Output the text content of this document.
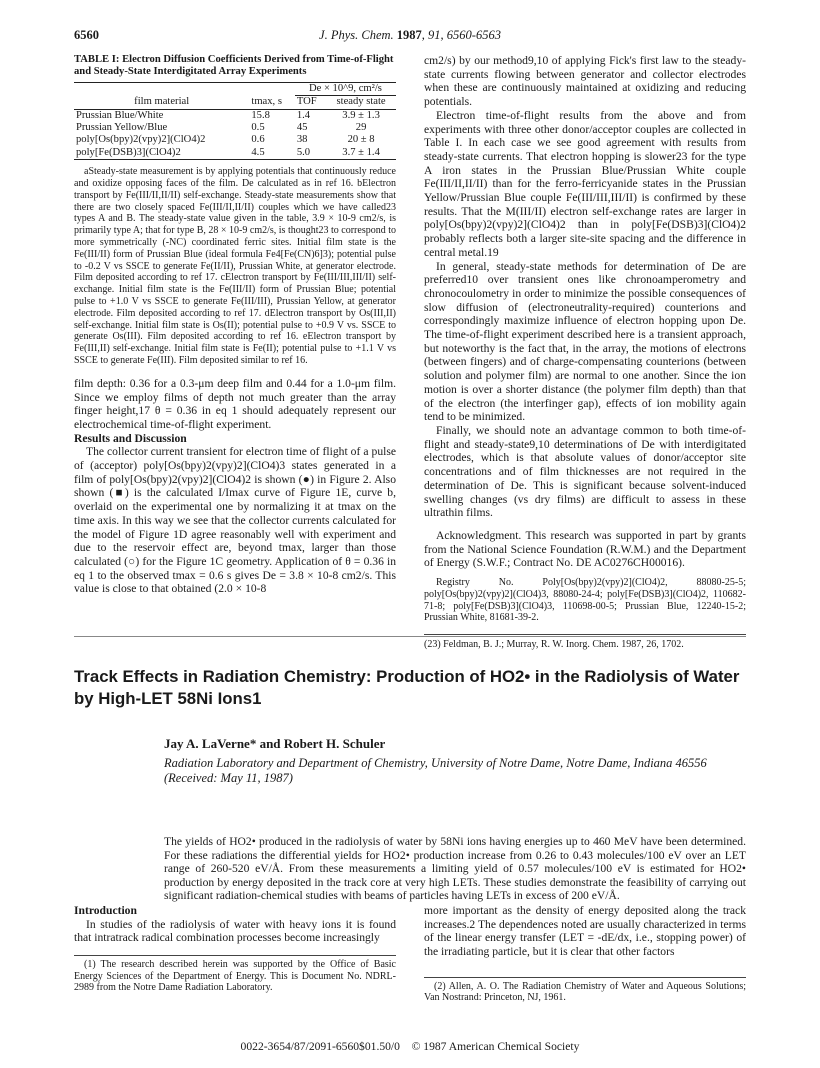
6560	J. Phys. Chem. 1987, 91, 6560-6563
TABLE I: Electron Diffusion Coefficients Derived from Time-of-Flight and Steady-State Interdigitated Array Experiments
		De × 10^9, cm²/s	
film material	tmax, s	TOF	steady state
Prussian Blue/White	15.8	1.4	3.9 ± 1.3
Prussian Yellow/Blue	0.5	45	29
poly[Os(bpy)2(vpy)2](ClO4)2	0.6	38	20 ± 8
poly[Fe(DSB)3](ClO4)2	4.5	5.0	3.7 ± 1.4

aSteady-state measurement is by applying potentials that continuously reduce and oxidize opposing faces of the film. De calculated as in ref 16. bElectron transport by Fe(III/II,II/II) self-exchange. Steady-state measurements show that there are two closely spaced Fe(III/II,II/II) couples which we have called23 types A and B. The steady-state value given in the table, 3.9 × 10-9 cm2/s, is primarily type A; that for type B, 28 × 10-9 cm2/s, is thought23 to correspond to more symmetrically (-NC) coordinated ferric sites. Initial film state is the Fe(III/II) form of Prussian Blue (ideal formula Fe4[Fe(CN)6]3); potential pulse to -0.2 V vs SSCE to generate Fe(II/II), Prussian White, at generator electrode. Film deposited according to ref 17. cElectron transport by Fe(III/III,III/II) self-exchange. Initial film state is the Fe(III/II) form of Prussian Blue; potential pulse to +1.0 V vs SSCE to generate Fe(III/III), Prussian Yellow, at generator electrode. Film deposited according to ref 17. dElectron transport by Os(III,II) self-exchange. Initial film state is Os(II); potential pulse to +0.9 V vs. SSCE to generate Os(III). Film deposited according to ref 16. eElectron transport by Fe(III,II) self-exchange. Initial film state is Fe(II); potential pulse to +1.1 V vs SSCE to generate Fe(III). Film deposited similar to ref 16.

film depth: 0.36 for a 0.3-μm deep film and 0.44 for a 1.0-μm film. Since we employ films of depth not much greater than the array finger height,17 θ = 0.36 in eq 1 should adequately represent our electrochemical time-of-flight experiment.

Results and Discussion

The collector current transient for electron time of flight of a pulse of (acceptor) poly[Os(bpy)2(vpy)2](ClO4)3 states generated in a film of poly[Os(bpy)2(vpy)2](ClO4)2 is shown (●) in Figure 2. Also shown (■) is the calculated I/Imax curve of Figure 1E, curve b, overlaid on the experimental one by normalizing it at tmax on the time axis. In this way we see that the collector currents calculated for the model of Figure 1D agree reasonably well with experiment and due to the reservoir effect are, beyond tmax, larger than those calculated (○) for the Figure 1C geometry. Application of θ = 0.36 in eq 1 to the observed tmax = 0.6 s gives De = 3.8 × 10-8 cm2/s. This value is close to that obtained (2.0 × 10-8

cm2/s) by our method9,10 of applying Fick's first law to the steady-state currents flowing between generator and collector electrodes when these are continuously maintained at oxidizing and reducing potentials.

Electron time-of-flight results from the above and from experiments with three other donor/acceptor couples are collected in Table I. In each case we see good agreement with results from steady-state currents. That electron hopping is slower23 for the type A iron states in the Prussian Blue/Prussian White couple Fe(III/II,II/II) than for the ferro-ferricyanide states in the Prussian Yellow/Prussian Blue couple Fe(III/III,III/II) is confirmed by these results. That the M(III/II) electron self-exchange rates are larger in poly[Os(bpy)2(vpy)2](ClO4)2 than in poly[Fe(DSB)3](ClO4)2 probably reflects both a larger site-site spacing and the difference in central metal.19

In general, steady-state methods for determination of De are preferred10 over transient ones like chronoamperometry and chronocoulometry in order to minimize the possible consequences of slow diffusion of (electroneutrality-required) counterions and correspondingly maximize influence of electron hopping upon De. The time-of-flight experiment described here is a transient approach, but noteworthy is the fact that, in the array, the motions of electrons (between fingers) and of charge-compensating counterions (between solution and polymer film) are normal to one another. Since the ion motion is over a shorter distance (the polymer film depth) than that of the electron (the interfinger gap), effects of ion mobility again tend to be minimized.

Finally, we should note an advantage common to both time-of-flight and steady-state9,10 determinations of De with interdigitated electrodes, which is that absolute values of donor/acceptor site concentrations and of film thicknesses are not required in the determination of De. This is significant because solvent-induced swelling changes (vs dry films) are difficult to assess in these ultrathin films.

Acknowledgment. This research was supported in part by grants from the National Science Foundation (R.W.M.) and the Department of Energy (S.W.F.; Contract No. DE AC0276CH00016).

Registry No. Poly[Os(bpy)2(vpy)2](ClO4)2, 88080-25-5; poly[Os(bpy)2(vpy)2](ClO4)3, 88080-24-4; poly[Fe(DSB)3](ClO4)2, 110682-71-8; poly[Fe(DSB)3](ClO4)3, 110698-00-5; Prussian Blue, 12240-15-2; Prussian White, 81681-39-2.

(23) Feldman, B. J.; Murray, R. W. Inorg. Chem. 1987, 26, 1702.
Track Effects in Radiation Chemistry: Production of HO2• in the Radiolysis of Water by High-LET 58Ni Ions1
Jay A. LaVerne* and Robert H. Schuler
Radiation Laboratory and Department of Chemistry, University of Notre Dame, Notre Dame, Indiana 46556
(Received: May 11, 1987)
The yields of HO2• produced in the radiolysis of water by 58Ni ions having energies up to 460 MeV have been determined. For these radiations the differential yields for HO2• production increase from 0.26 to 0.43 molecules/100 eV over an LET range of 260-520 eV/Å. From these measurements a limiting yield of 0.57 molecules/100 eV is estimated for HO2• production by energy deposited in the track core at very high LETs. These studies demonstrate the feasibility of carrying out significant radiation-chemical studies with beams of particles having LETs in excess of 200 eV/Å.

Introduction

In studies of the radiolysis of water with heavy ions it is found that intratrack radical combination processes become increasingly

(1) The research described herein was supported by the Office of Basic Energy Sciences of the Department of Energy. This is Document No. NDRL-2989 from the Notre Dame Radiation Laboratory.

more important as the density of energy deposited along the track increases.2 The dependences noted are usually characterized in terms of the linear energy transfer (LET = -dE/dx, i.e., stopping power) of the irradiating particle, but it is clear that other factors

(2) Allen, A. O. The Radiation Chemistry of Water and Aqueous Solutions; Van Nostrand: Princeton, NJ, 1961.

0022-3654/87/2091-6560$01.50/0 © 1987 American Chemical Society
